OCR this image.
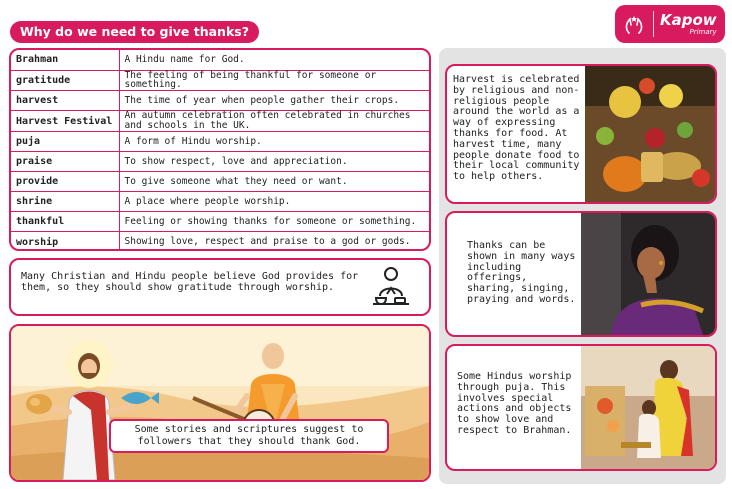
Why do we need to give thanks?
Kapow
Primary
Brahman	A Hindu name for God.
gratitude	The feeling of being thankful for someone or something.
harvest	The time of year when people gather their crops.
Harvest Festival	An autumn celebration often celebrated in churches and schools in the UK.
puja	A form of Hindu worship.
praise	To show respect, love and appreciation.
provide	To give someone what they need or want.
shrine	A place where people worship.
thankful	Feeling or showing thanks for someone or something.
worship	Showing love, respect and praise to a god or gods.
Many Christian and Hindu people believe God provides for them, so they should show gratitude through worship.
Some stories and scriptures suggest to followers that they should thank God.
Harvest is celebrated by religious and non-religious people around the world as a way of expressing thanks for food. At harvest time, many people donate food to their local community to help others.
Thanks can be shown in many ways including offerings, sharing, singing, praying and words.
Some Hindus worship through puja. This involves special actions and objects to show love and respect to Brahman.
